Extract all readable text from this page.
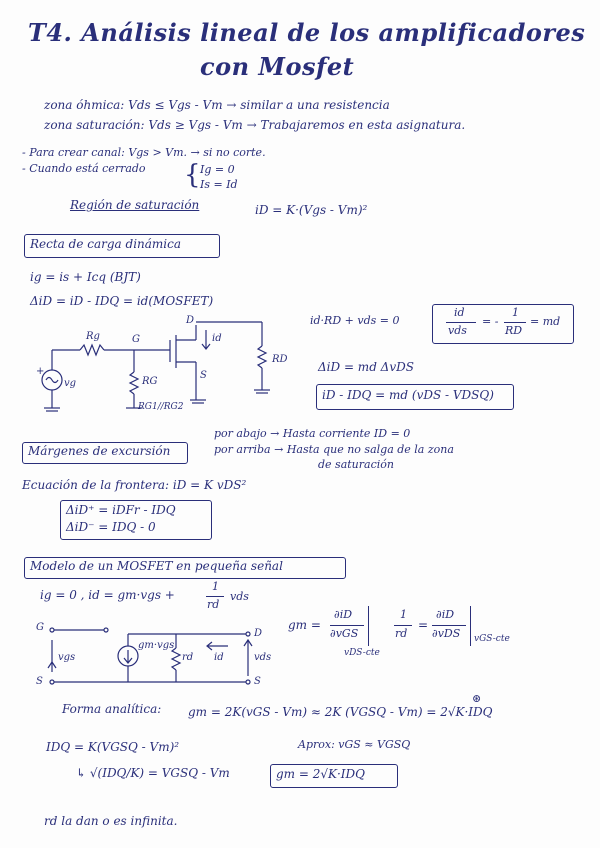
T4. Análisis lineal de los amplificadores
con Mosfet
zona óhmica: Vds ≤ Vgs - Vт → similar a una resistencia
zona saturación: Vds ≥ Vgs - Vт → Trabajaremos en esta asignatura.
- Para crear canal: Vgs > Vт. → si no corte.
- Cuando está cerrado { Ig = 0
Is = Id
Región de saturación	iD = K·(Vgs - Vт)²
Recta de carga dinámica
ig = is + Icq (BJT)
ΔiD = iD - IDQ = id(MOSFET)
id·RD + vds = 0
id
vds
= -
1
RD
= md
ΔiD = md ΔvDS
iD - IDQ = md (vDS - VDSQ)
Rg	G
D
id
S
+
vg	RG
RG1//RG2
RD
Márgenes de excursión
por abajo → Hasta corriente ID = 0
por arriba → Hasta que no salga de la zona
de saturación
Ecuación de la frontera: iD = K vDS²
ΔiD⁺ = iDFr - IDQ
ΔiD⁻ = IDQ - 0
Modelo de un MOSFET en pequeña señal
ig = 0 , id = gm·vgs +
1
rd
vds
gm =
∂iD
∂vGS
vDS-cte
1
rd
=
∂iD
∂vDS vGS-cte
G
D
S	S
vgs
gm·vgs
rd id	vds
Forma analítica: gm = 2K(vGS - Vт) ≈ 2K (VGSQ - Vт) = 2√K·IDQ
⊛
Aprox: vGS ≈ VGSQ
IDQ = K(VGSQ - Vт)²
↳ √(IDQ/K) = VGSQ - Vт	gm = 2√K·IDQ
rd la dan o es infinita.
